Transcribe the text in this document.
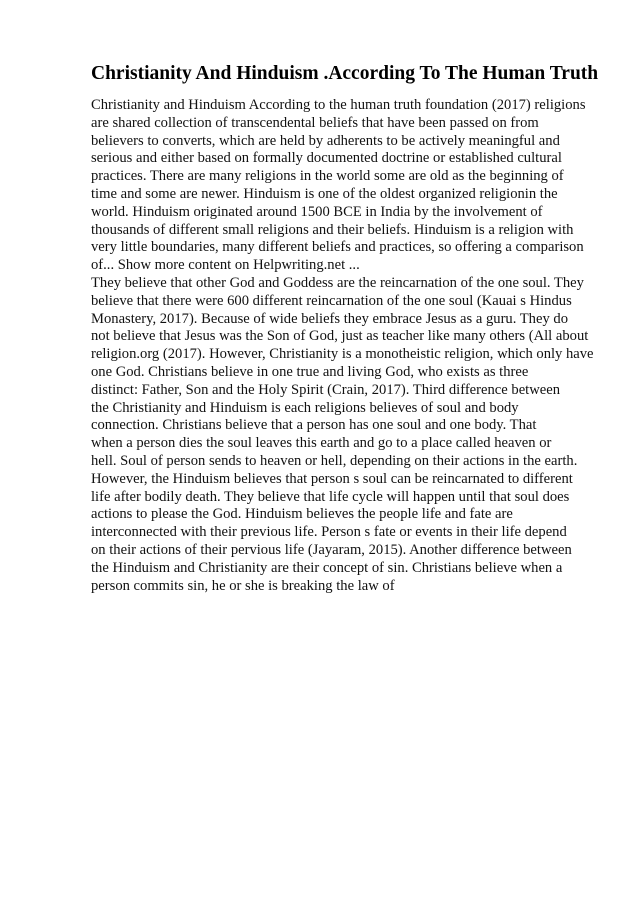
Christianity And Hinduism .According To The Human Truth
Christianity and Hinduism According to the human truth foundation (2017) religions
are shared collection of transcendental beliefs that have been passed on from
believers to converts, which are held by adherents to be actively meaningful and
serious and either based on formally documented doctrine or established cultural
practices. There are many religions in the world some are old as the beginning of
time and some are newer. Hinduism is one of the oldest organized religionin the
world. Hinduism originated around 1500 BCE in India by the involvement of
thousands of different small religions and their beliefs. Hinduism is a religion with
very little boundaries, many different beliefs and practices, so offering a comparison
of... Show more content on Helpwriting.net ...
They believe that other God and Goddess are the reincarnation of the one soul. They
believe that there were 600 different reincarnation of the one soul (Kauai s Hindus
Monastery, 2017). Because of wide beliefs they embrace Jesus as a guru. They do
not believe that Jesus was the Son of God, just as teacher like many others (All about
religion.org (2017). However, Christianity is a monotheistic religion, which only have
one God. Christians believe in one true and living God, who exists as three
distinct: Father, Son and the Holy Spirit (Crain, 2017). Third difference between
the Christianity and Hinduism is each religions believes of soul and body
connection. Christians believe that a person has one soul and one body. That
when a person dies the soul leaves this earth and go to a place called heaven or
hell. Soul of person sends to heaven or hell, depending on their actions in the earth.
However, the Hinduism believes that person s soul can be reincarnated to different
life after bodily death. They believe that life cycle will happen until that soul does
actions to please the God. Hinduism believes the people life and fate are
interconnected with their previous life. Person s fate or events in their life depend
on their actions of their pervious life (Jayaram, 2015). Another difference between
the Hinduism and Christianity are their concept of sin. Christians believe when a
person commits sin, he or she is breaking the law of
